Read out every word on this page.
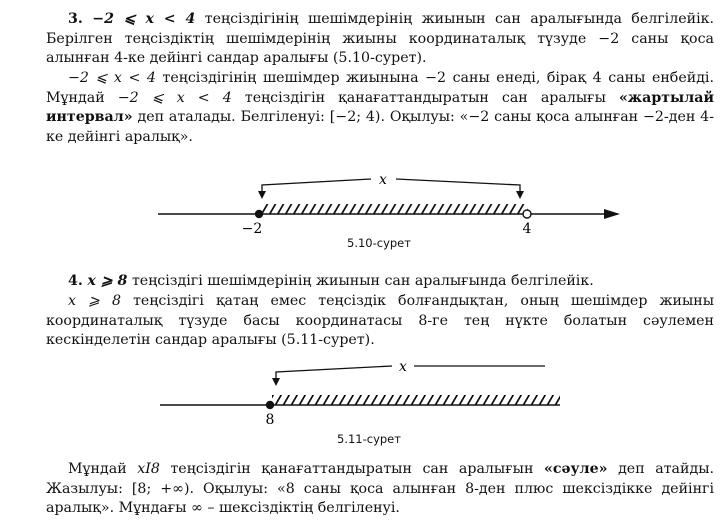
3. −2 ⩽ x < 4 теңсіздігінің шешімдерінің жиынын сан аралығында белгілейік. Берілген теңсіздіктің шешімдерінің жиыны координаталық түзуде −2 саны қоса алынған 4-ке дейінгі сандар аралығы (5.10-сурет).

−2 ⩽ x < 4 теңсіздігінің шешімдер жиынына −2 саны енеді, бірақ 4 саны енбейді. Мұндай −2 ⩽ x < 4 теңсіздігін қанағаттандыратын сан аралығы «жартылай интервал» деп аталады. Белгіленуі: [−2; 4). Оқылуы: «−2 саны қоса алынған −2-ден 4-ке дейінгі аралық».

x
−2	4
5.10-сурет

4. x ⩾ 8 теңсіздігі шешімдерінің жиынын сан аралығында белгілейік.

x ⩾ 8 теңсіздігі қатаң емес теңсіздік болғандықтан, оның шешімдер жиыны координаталық түзуде басы координатасы 8-ге тең нүкте болатын сәулемен кескінделетін сандар аралығы (5.11-сурет).

x
8
5.11-сурет

Мұндай xI8 теңсіздігін қанағаттандыратын сан аралығын «сәуле» деп атайды. Жазылуы: [8; +∞). Оқылуы: «8 саны қоса алынған 8-ден плюс шексіздікке дейінгі аралық». Мұндағы ∞ – шексіздіктің белгіленуі.
